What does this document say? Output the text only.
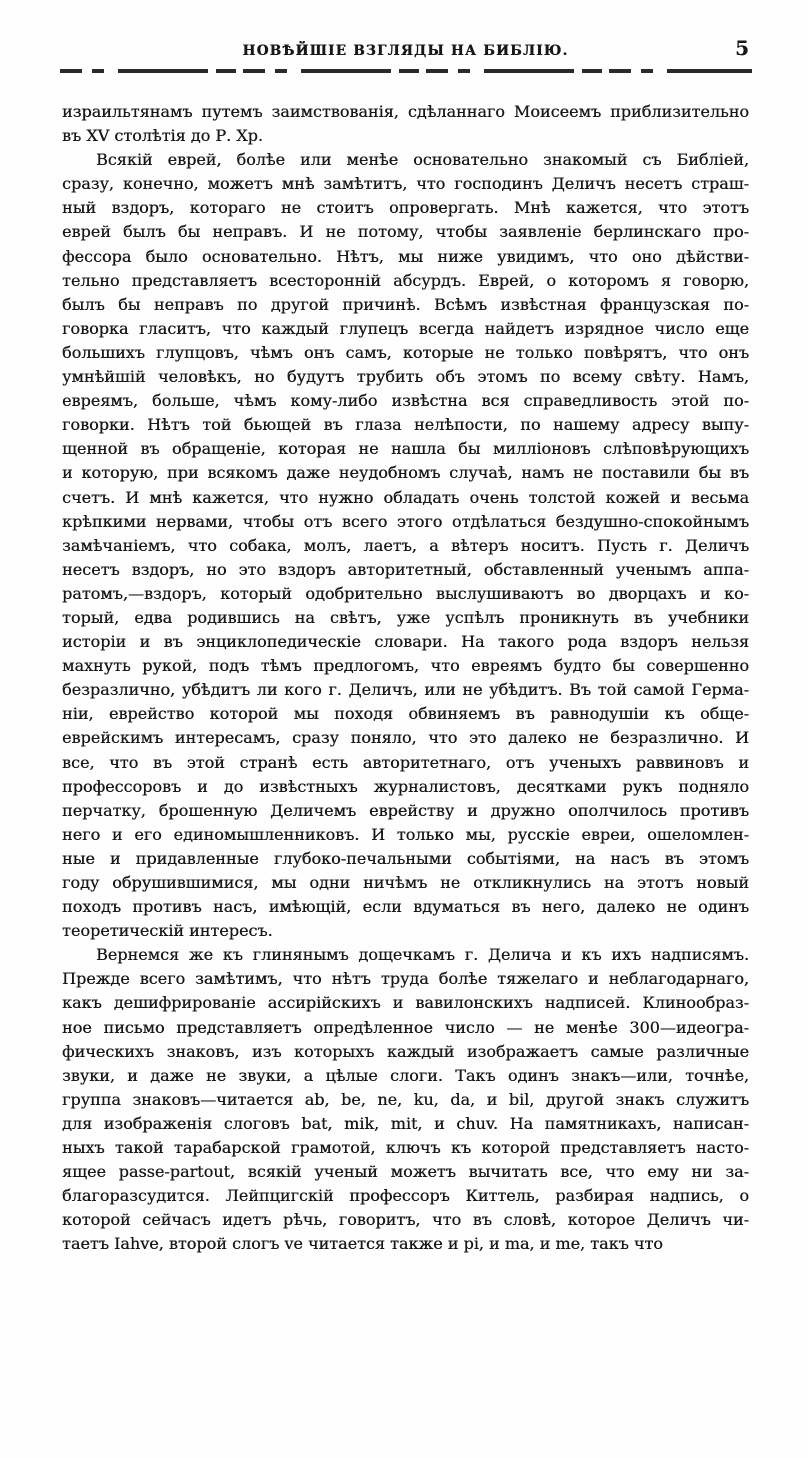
НОВѢЙШІЕ ВЗГЛЯДЫ НА БИБЛІЮ.	5
израильтянамъ путемъ заимствованія, сдѣланнаго Моисеемъ приблизительно
въ XV столѣтія до Р. Хр.
Всякій еврей, болѣе или менѣе основательно знакомый съ Библіей,
сразу, конечно, можетъ мнѣ замѣтитъ, что господинъ Деличъ несетъ страш-
ный вздоръ, котораго не стоитъ опровергать. Мнѣ кажется, что этотъ
еврей былъ бы неправъ. И не потому, чтобы заявленіе берлинскаго про-
фессора было основательно. Нѣтъ, мы ниже увидимъ, что оно дѣйстви-
тельно представляетъ всесторонній абсурдъ. Еврей, о которомъ я говорю,
былъ бы неправъ по другой причинѣ. Всѣмъ извѣстная французская по-
говорка гласитъ, что каждый глупецъ всегда найдетъ изрядное число еще
большихъ глупцовъ, чѣмъ онъ самъ, которые не только повѣрятъ, что онъ
умнѣйшій человѣкъ, но будутъ трубить объ этомъ по всему свѣту. Намъ,
евреямъ, больше, чѣмъ кому-либо извѣстна вся справедливость этой по-
говорки. Нѣтъ той бьющей въ глаза нелѣпости, по нашему адресу выпу-
щенной въ обращеніе, которая не нашла бы милліоновъ слѣповѣрующихъ
и которую, при всякомъ даже неудобномъ случаѣ, намъ не поставили бы въ
счетъ. И мнѣ кажется, что нужно обладать очень толстой кожей и весьма
крѣпкими нервами, чтобы отъ всего этого отдѣлаться бездушно-спокойнымъ
замѣчаніемъ, что собака, молъ, лаетъ, а вѣтеръ носитъ. Пусть г. Деличъ
несетъ вздоръ, но это вздоръ авторитетный, обставленный ученымъ аппа-
ратомъ,—вздоръ, который одобрительно выслушиваютъ во дворцахъ и ко-
торый, едва родившись на свѣтъ, уже успѣлъ проникнуть въ учебники
исторіи и въ энциклопедическіе словари. На такого рода вздоръ нельзя
махнуть рукой, подъ тѣмъ предлогомъ, что евреямъ будто бы совершенно
безразлично, убѣдитъ ли кого г. Деличъ, или не убѣдитъ. Въ той самой Герма-
ніи, еврейство которой мы походя обвиняемъ въ равнодушіи къ обще-
еврейскимъ интересамъ, сразу поняло, что это далеко не безразлично. И
все, что въ этой странѣ есть авторитетнаго, отъ ученыхъ раввиновъ и
профессоровъ и до извѣстныхъ журналистовъ, десятками рукъ подняло
перчатку, брошенную Деличемъ еврейству и дружно ополчилось противъ
него и его единомышленниковъ. И только мы, русскіе евреи, ошеломлен-
ные и придавленные глубоко-печальными событіями, на насъ въ этомъ
году обрушившимися, мы одни ничѣмъ не откликнулись на этотъ новый
походъ противъ насъ, имѣющій, если вдуматься въ него, далеко не одинъ
теоретическій интересъ.
Вернемся же къ глинянымъ дощечкамъ г. Делича и къ ихъ надписямъ.
Прежде всего замѣтимъ, что нѣтъ труда болѣе тяжелаго и неблагодарнаго,
какъ дешифрированіе ассирійскихъ и вавилонскихъ надписей. Клинообраз-
ное письмо представляетъ опредѣленное число — не менѣе 300—идеогра-
фическихъ знаковъ, изъ которыхъ каждый изображаетъ самые различные
звуки, и даже не звуки, а цѣлые слоги. Такъ одинъ знакъ—или, точнѣе,
группа знаковъ—читается ab, be, ne, ku, da, и bil, другой знакъ служитъ
для изображенія слоговъ bat, mik, mit, и chuv. На памятникахъ, написан-
ныхъ такой тарабарской грамотой, ключъ къ которой представляетъ насто-
ящее passe-partout, всякій ученый можетъ вычитать все, что ему ни за-
благоразсудится. Лейпцигскій профессоръ Киттель, разбирая надпись, о
которой сейчасъ идетъ рѣчь, говоритъ, что въ словѣ, которое Деличъ чи-
таетъ Iahve, второй слогъ ve читается также и pi, и ma, и me, такъ что
